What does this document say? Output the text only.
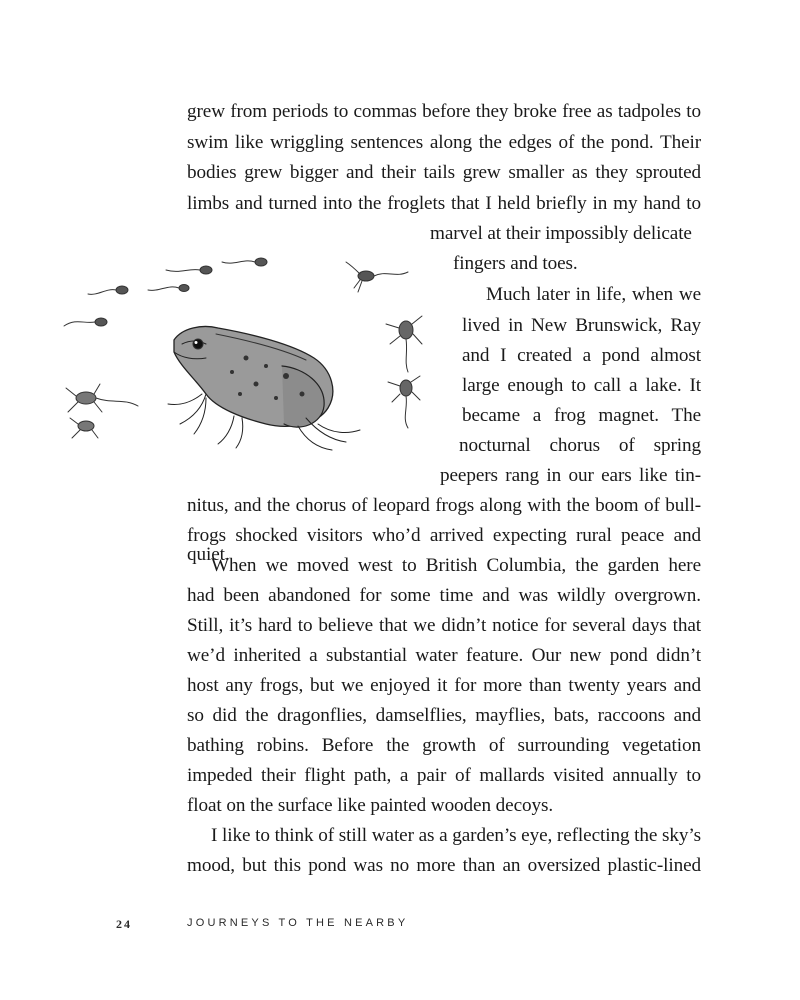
grew from periods to commas before they broke free as tadpoles to
swim like wriggling sentences along the edges of the pond. Their
bodies grew bigger and their tails grew smaller as they sprouted
limbs and turned into the froglets that I held briefly in my hand to
marvel at their impossibly delicate
fingers and toes.
Much later in life, when we
lived in New Brunswick, Ray
and I created a pond almost
large enough to call a lake. It
became a frog magnet. The
nocturnal chorus of spring
peepers rang in our ears like tin-
nitus, and the chorus of leopard frogs along with the boom of bull-
frogs shocked visitors who’d arrived expecting rural peace and quiet.
When we moved west to British Columbia, the garden here
had been abandoned for some time and was wildly overgrown.
Still, it’s hard to believe that we didn’t notice for several days that
we’d inherited a substantial water feature. Our new pond didn’t
host any frogs, but we enjoyed it for more than twenty years and
so did the dragonflies, damselflies, mayflies, bats, raccoons and
bathing robins. Before the growth of surrounding vegetation
impeded their flight path, a pair of mallards visited annually to
float on the surface like painted wooden decoys.
I like to think of still water as a garden’s eye, reflecting the sky’s
mood, but this pond was no more than an oversized plastic-lined
24	JOURNEYS TO THE NEARBY
